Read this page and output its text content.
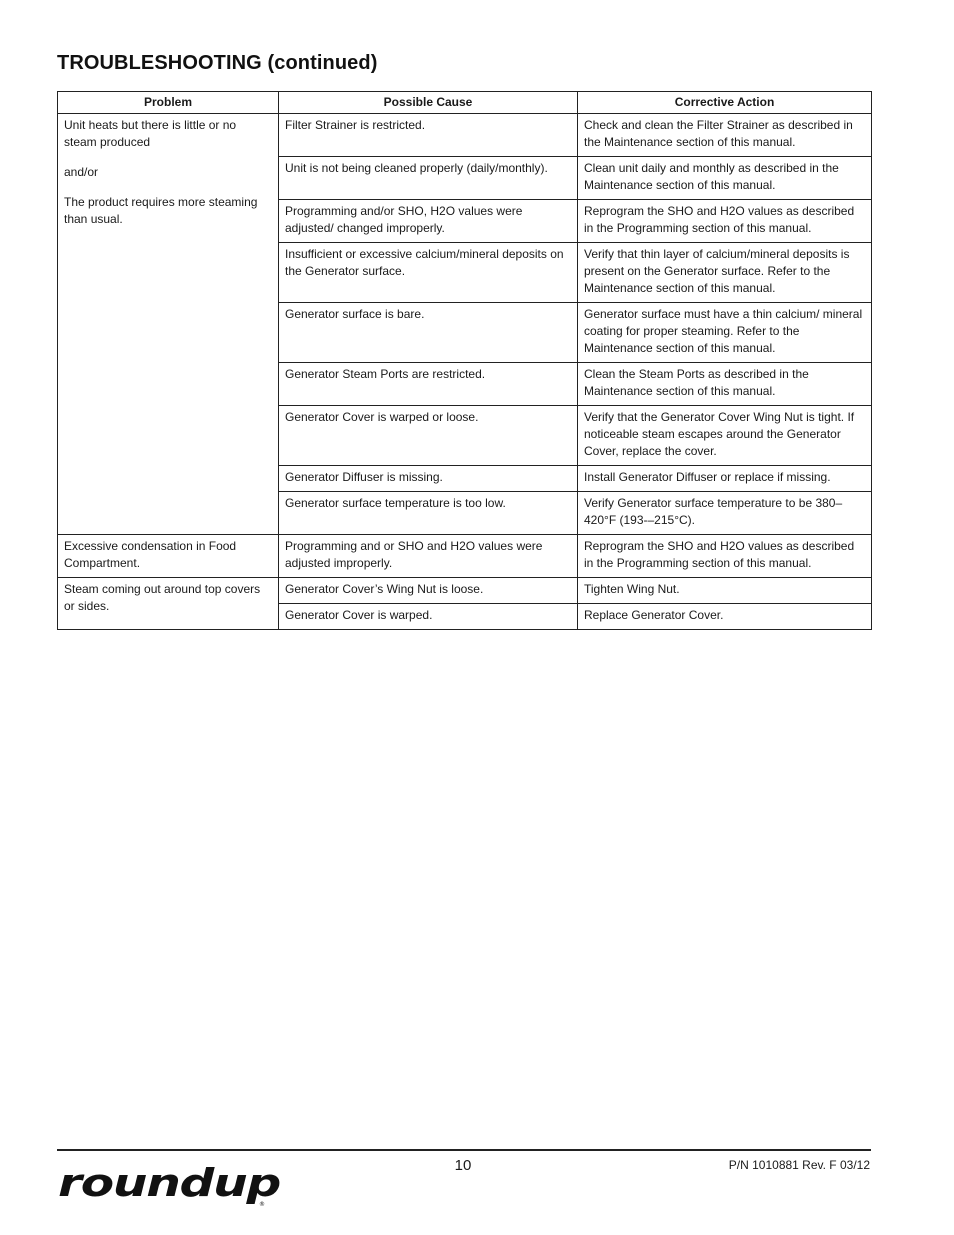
TROUBLESHOOTING (continued)
Problem	Possible Cause	Corrective Action

Unit heats but there is little or no steam produced

and/or

The product requires more steaming than usual.	Filter Strainer is restricted.	Check and clean the Filter Strainer as described in the Maintenance section of this manual.
	Unit is not being cleaned properly (daily/monthly).	Clean unit daily and monthly as described in the Maintenance section of this manual.
	Programming and/or SHO, H2O values were adjusted/ changed improperly.	Reprogram the SHO and H2O values as described in the Programming section of this manual.
	Insufficient or excessive calcium/mineral deposits on the Generator surface.	Verify that thin layer of calcium/mineral deposits is present on the Generator surface. Refer to the Maintenance section of this manual.
	Generator surface is bare.	Generator surface must have a thin calcium/ mineral coating for proper steaming. Refer to the Maintenance section of this manual.
	Generator Steam Ports are restricted.	Clean the Steam Ports as described in the Maintenance section of this manual.
	Generator Cover is warped or loose.	Verify that the Generator Cover Wing Nut is tight. If noticeable steam escapes around the Generator Cover, replace the cover.
	Generator Diffuser is missing.	Install Generator Diffuser or replace if missing.
	Generator surface temperature is too low.	Verify Generator surface temperature to be 380–420°F (193-–215°C).

Excessive condensation in Food Compartment.	Programming and or SHO and H2O values were adjusted improperly.	Reprogram the SHO and H2O values as described in the Programming section of this manual.

Steam coming out around top covers or sides.	Generator Cover’s Wing Nut is loose.	Tighten Wing Nut.
	Generator Cover is warped.	Replace Generator Cover.
roundup
®
10	P/N 1010881 Rev. F 03/12
